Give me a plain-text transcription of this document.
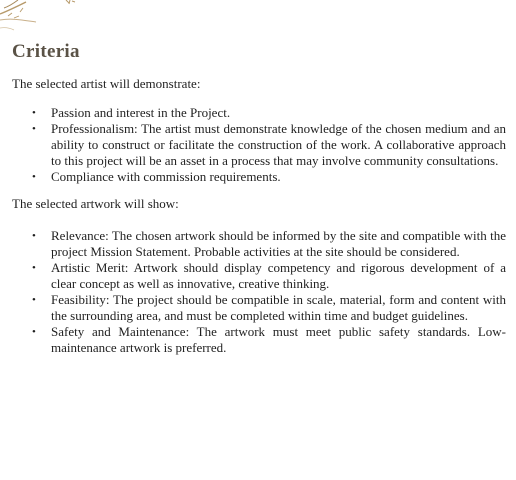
Criteria

The selected artist will demonstrate:

• Passion and interest in the Project.
• Professionalism: The artist must demonstrate knowledge of the chosen medium and an ability to construct or facilitate the construction of the work. A collaborative approach to this project will be an asset in a process that may involve community consultations.
• Compliance with commission requirements.

The selected artwork will show:

• Relevance: The chosen artwork should be informed by the site and compatible with the project Mission Statement. Probable activities at the site should be considered.
• Artistic Merit: Artwork should display competency and rigorous development of a clear concept as well as innovative, creative thinking.
• Feasibility: The project should be compatible in scale, material, form and content with the surrounding area, and must be completed within time and budget guidelines.
• Safety and Maintenance: The artwork must meet public safety standards. Low-maintenance artwork is preferred.
